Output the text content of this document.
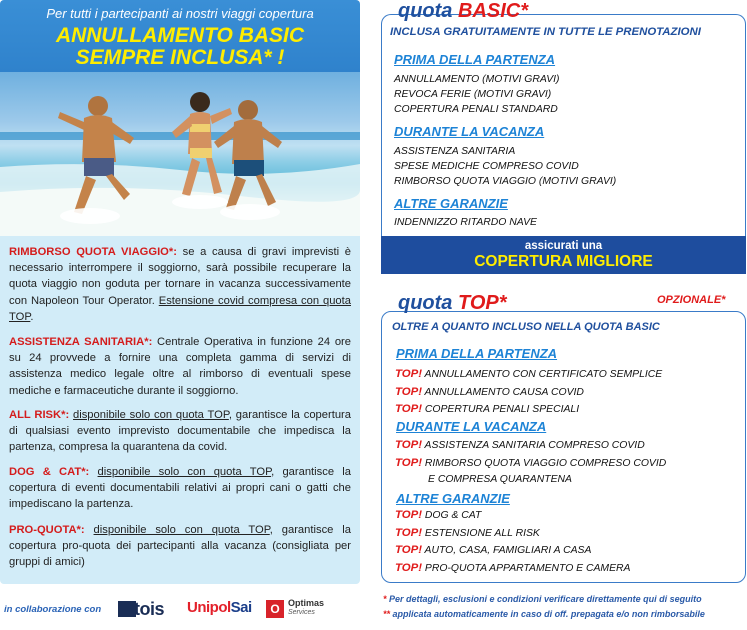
Per tutti i partecipanti ai nostri viaggi copertura
ANNULLAMENTO BASIC
SEMPRE INCLUSA* !
RIMBORSO QUOTA VIAGGIO*: se a causa di gravi imprevisti è necessario interrompere il soggiorno, sarà possibile recuperare la quota viaggio non goduta per tornare in vacanza successivamente con Napoleon Tour Operator. Estensione covid compresa con quota TOP.
ASSISTENZA SANITARIA*: Centrale Operativa in funzione 24 ore su 24 provvede a fornire una completa gamma di servizi di assistenza medico legale oltre al rimborso di eventuali spese mediche e farmaceutiche durante il soggiorno.
ALL RISK*: disponibile solo con quota TOP, garantisce la copertura di qualsiasi evento imprevisto documentabile che impedisca la partenza, compresa la quarantena da covid.
DOG & CAT*: disponibile solo con quota TOP, garantisce la copertura di eventi documentabili relativi ai propri cani o gatti che impediscano la partenza.
PRO-QUOTA*: disponibile solo con quota TOP, garantisce la copertura pro-quota dei partecipanti alla vacanza (consigliata per gruppi di amici)
in collaborazione con tois UnipolSai	O Optimas
Services
quota BASIC*
INCLUSA GRATUITAMENTE IN TUTTE LE PRENOTAZIONI
PRIMA DELLA PARTENZA
ANNULLAMENTO (MOTIVI GRAVI)
REVOCA FERIE (MOTIVI GRAVI)
COPERTURA PENALI STANDARD
DURANTE LA VACANZA
ASSISTENZA SANITARIA
SPESE MEDICHE COMPRESO COVID
RIMBORSO QUOTA VIAGGIO (MOTIVI GRAVI)
ALTRE GARANZIE
INDENNIZZO RITARDO NAVE
assicurati una
COPERTURA MIGLIORE
quota TOP*	OPZIONALE*
OLTRE A QUANTO INCLUSO NELLA QUOTA BASIC
PRIMA DELLA PARTENZA
TOP! ANNULLAMENTO CON CERTIFICATO SEMPLICE
TOP! ANNULLAMENTO CAUSA COVID
TOP! COPERTURA PENALI SPECIALI
DURANTE LA VACANZA
TOP! ASSISTENZA SANITARIA COMPRESO COVID
TOP! RIMBORSO QUOTA VIAGGIO COMPRESO COVID
E COMPRESA QUARANTENA
ALTRE GARANZIE
TOP! DOG & CAT
TOP! ESTENSIONE ALL RISK
TOP! AUTO, CASA, FAMIGLIARI A CASA
TOP! PRO-QUOTA APPARTAMENTO E CAMERA
* Per dettagli, esclusioni e condizioni verificare direttamente qui di seguito
** applicata automaticamente in caso di off. prepagata e/o non rimborsabile
